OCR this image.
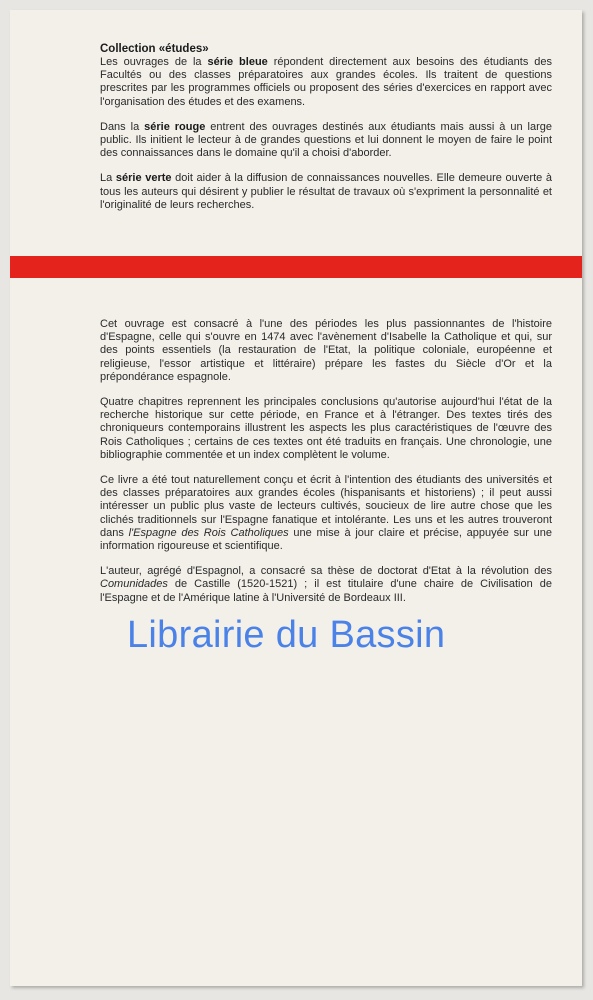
Collection «études»

Les ouvrages de la série bleue répondent directement aux besoins des étudiants des Facultés ou des classes préparatoires aux grandes écoles. Ils traitent de questions prescrites par les programmes officiels ou proposent des séries d'exercices en rapport avec l'organisation des études et des examens.

Dans la série rouge entrent des ouvrages destinés aux étudiants mais aussi à un large public. Ils initient le lecteur à de grandes questions et lui donnent le moyen de faire le point des connaissances dans le domaine qu'il a choisi d'aborder.

La série verte doit aider à la diffusion de connaissances nouvelles. Elle demeure ouverte à tous les auteurs qui désirent y publier le résultat de travaux où s'expriment la personnalité et l'originalité de leurs recherches.

Cet ouvrage est consacré à l'une des périodes les plus passionnantes de l'histoire d'Espagne, celle qui s'ouvre en 1474 avec l'avènement d'Isabelle la Catholique et qui, sur des points essentiels (la restauration de l'Etat, la politique coloniale, européenne et religieuse, l'essor artistique et littéraire) prépare les fastes du Siècle d'Or et la prépondérance espagnole.

Quatre chapitres reprennent les principales conclusions qu'autorise aujourd'hui l'état de la recherche historique sur cette période, en France et à l'étranger. Des textes tirés des chroniqueurs contemporains illustrent les aspects les plus caractéristiques de l'œuvre des Rois Catholiques ; certains de ces textes ont été traduits en français. Une chronologie, une bibliographie commentée et un index complètent le volume.

Ce livre a été tout naturellement conçu et écrit à l'intention des étudiants des universités et des classes préparatoires aux grandes écoles (hispanisants et historiens) ; il peut aussi intéresser un public plus vaste de lecteurs cultivés, soucieux de lire autre chose que les clichés traditionnels sur l'Espagne fanatique et intolérante. Les uns et les autres trouveront dans l'Espagne des Rois Catholiques une mise à jour claire et précise, appuyée sur une information rigoureuse et scientifique.

L'auteur, agrégé d'Espagnol, a consacré sa thèse de doctorat d'Etat à la révolution des Comunidades de Castille (1520-1521) ; il est titulaire d'une chaire de Civilisation de l'Espagne et de l'Amérique latine à l'Université de Bordeaux III.

Librairie du Bassin
